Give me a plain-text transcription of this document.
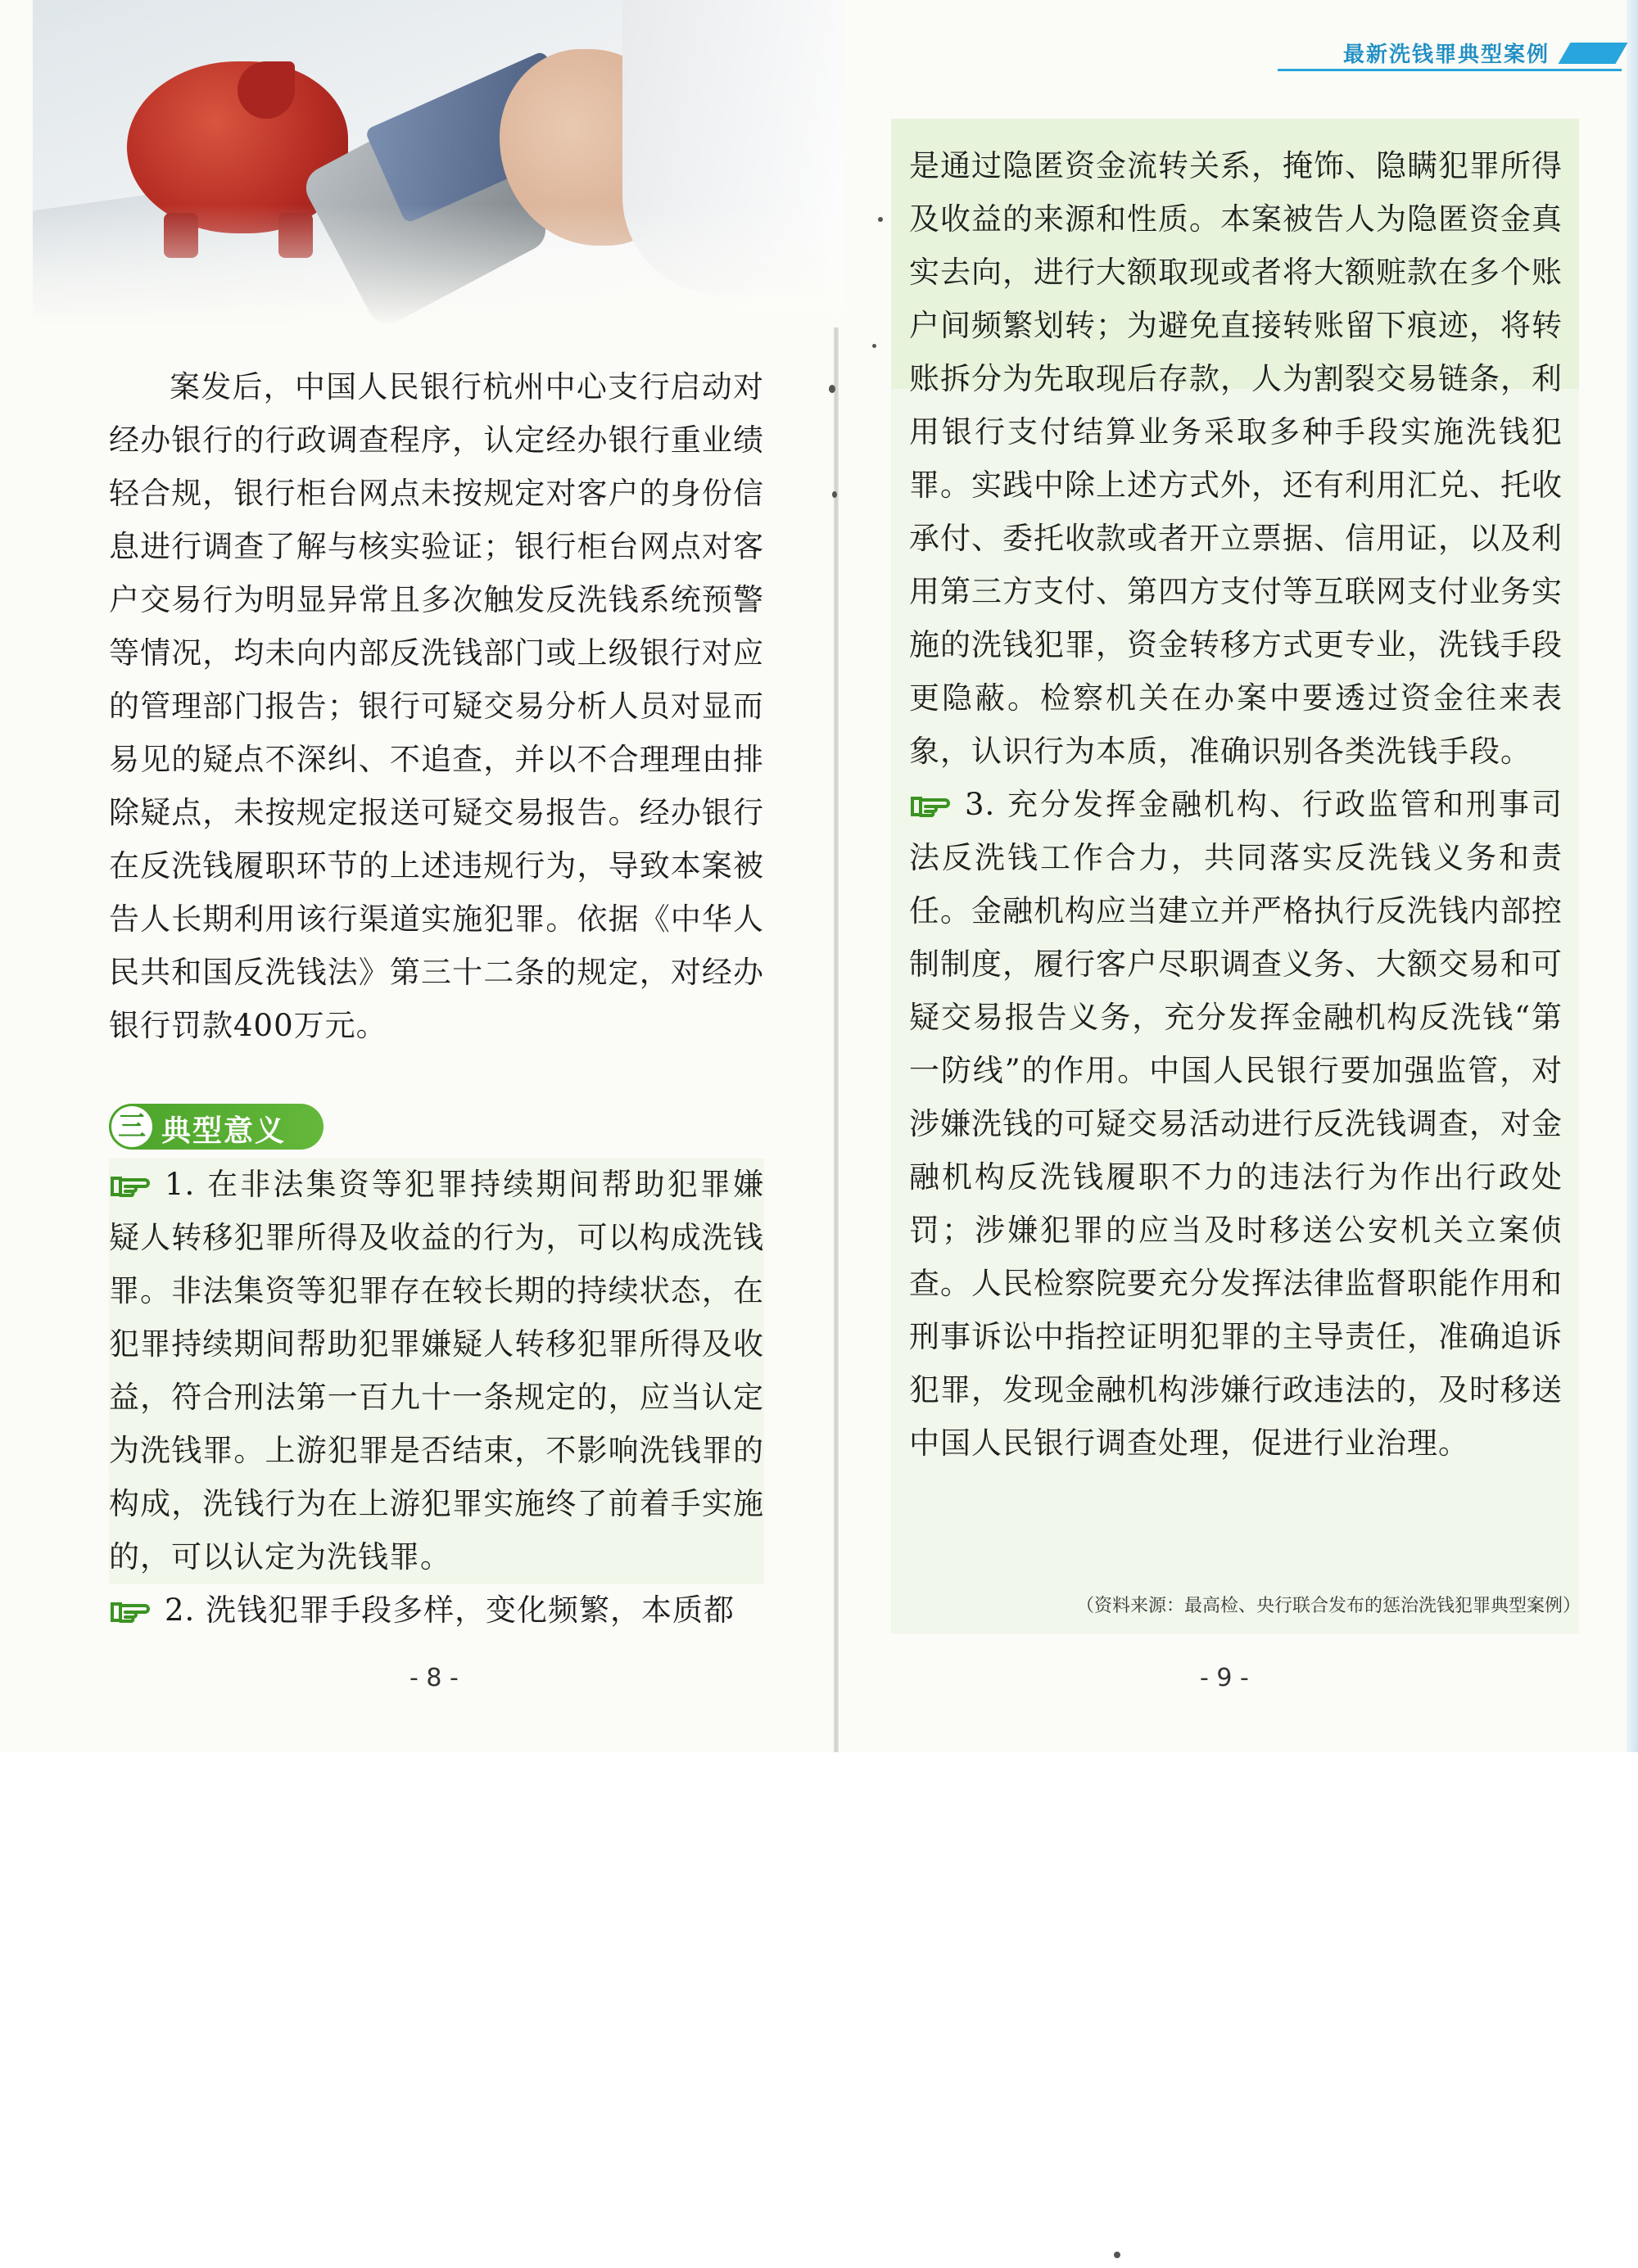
最新洗钱罪典型案例

案发后，中国人民银行杭州中心支行启动对经办银行的行政调查程序，认定经办银行重业绩轻合规，银行柜台网点未按规定对客户的身份信息进行调查了解与核实验证；银行柜台网点对客户交易行为明显异常且多次触发反洗钱系统预警等情况，均未向内部反洗钱部门或上级银行对应的管理部门报告；银行可疑交易分析人员对显而易见的疑点不深纠、不追查，并以不合理理由排除疑点，未按规定报送可疑交易报告。经办银行在反洗钱履职环节的上述违规行为，导致本案被告人长期利用该行渠道实施犯罪。依据《中华人民共和国反洗钱法》第三十二条的规定，对经办银行罚款400万元。

三 典型意义

1. 在非法集资等犯罪持续期间帮助犯罪嫌疑人转移犯罪所得及收益的行为，可以构成洗钱罪。非法集资等犯罪存在较长期的持续状态，在犯罪持续期间帮助犯罪嫌疑人转移犯罪所得及收益，符合刑法第一百九十一条规定的，应当认定为洗钱罪。上游犯罪是否结束，不影响洗钱罪的构成，洗钱行为在上游犯罪实施终了前着手实施的，可以认定为洗钱罪。

2. 洗钱犯罪手段多样，变化频繁，本质都

- 8 -

是通过隐匿资金流转关系，掩饰、隐瞒犯罪所得及收益的来源和性质。本案被告人为隐匿资金真实去向，进行大额取现或者将大额赃款在多个账户间频繁划转；为避免直接转账留下痕迹，将转账拆分为先取现后存款，人为割裂交易链条，利用银行支付结算业务采取多种手段实施洗钱犯罪。实践中除上述方式外，还有利用汇兑、托收承付、委托收款或者开立票据、信用证，以及利用第三方支付、第四方支付等互联网支付业务实施的洗钱犯罪，资金转移方式更专业，洗钱手段更隐蔽。检察机关在办案中要透过资金往来表象，认识行为本质，准确识别各类洗钱手段。

3. 充分发挥金融机构、行政监管和刑事司法反洗钱工作合力，共同落实反洗钱义务和责任。金融机构应当建立并严格执行反洗钱内部控制制度，履行客户尽职调查义务、大额交易和可疑交易报告义务，充分发挥金融机构反洗钱“第一防线”的作用。中国人民银行要加强监管，对涉嫌洗钱的可疑交易活动进行反洗钱调查，对金融机构反洗钱履职不力的违法行为作出行政处罚；涉嫌犯罪的应当及时移送公安机关立案侦查。人民检察院要充分发挥法律监督职能作用和刑事诉讼中指控证明犯罪的主导责任，准确追诉犯罪，发现金融机构涉嫌行政违法的，及时移送中国人民银行调查处理，促进行业治理。

（资料来源：最高检、央行联合发布的惩治洗钱犯罪典型案例）
- 9 -
